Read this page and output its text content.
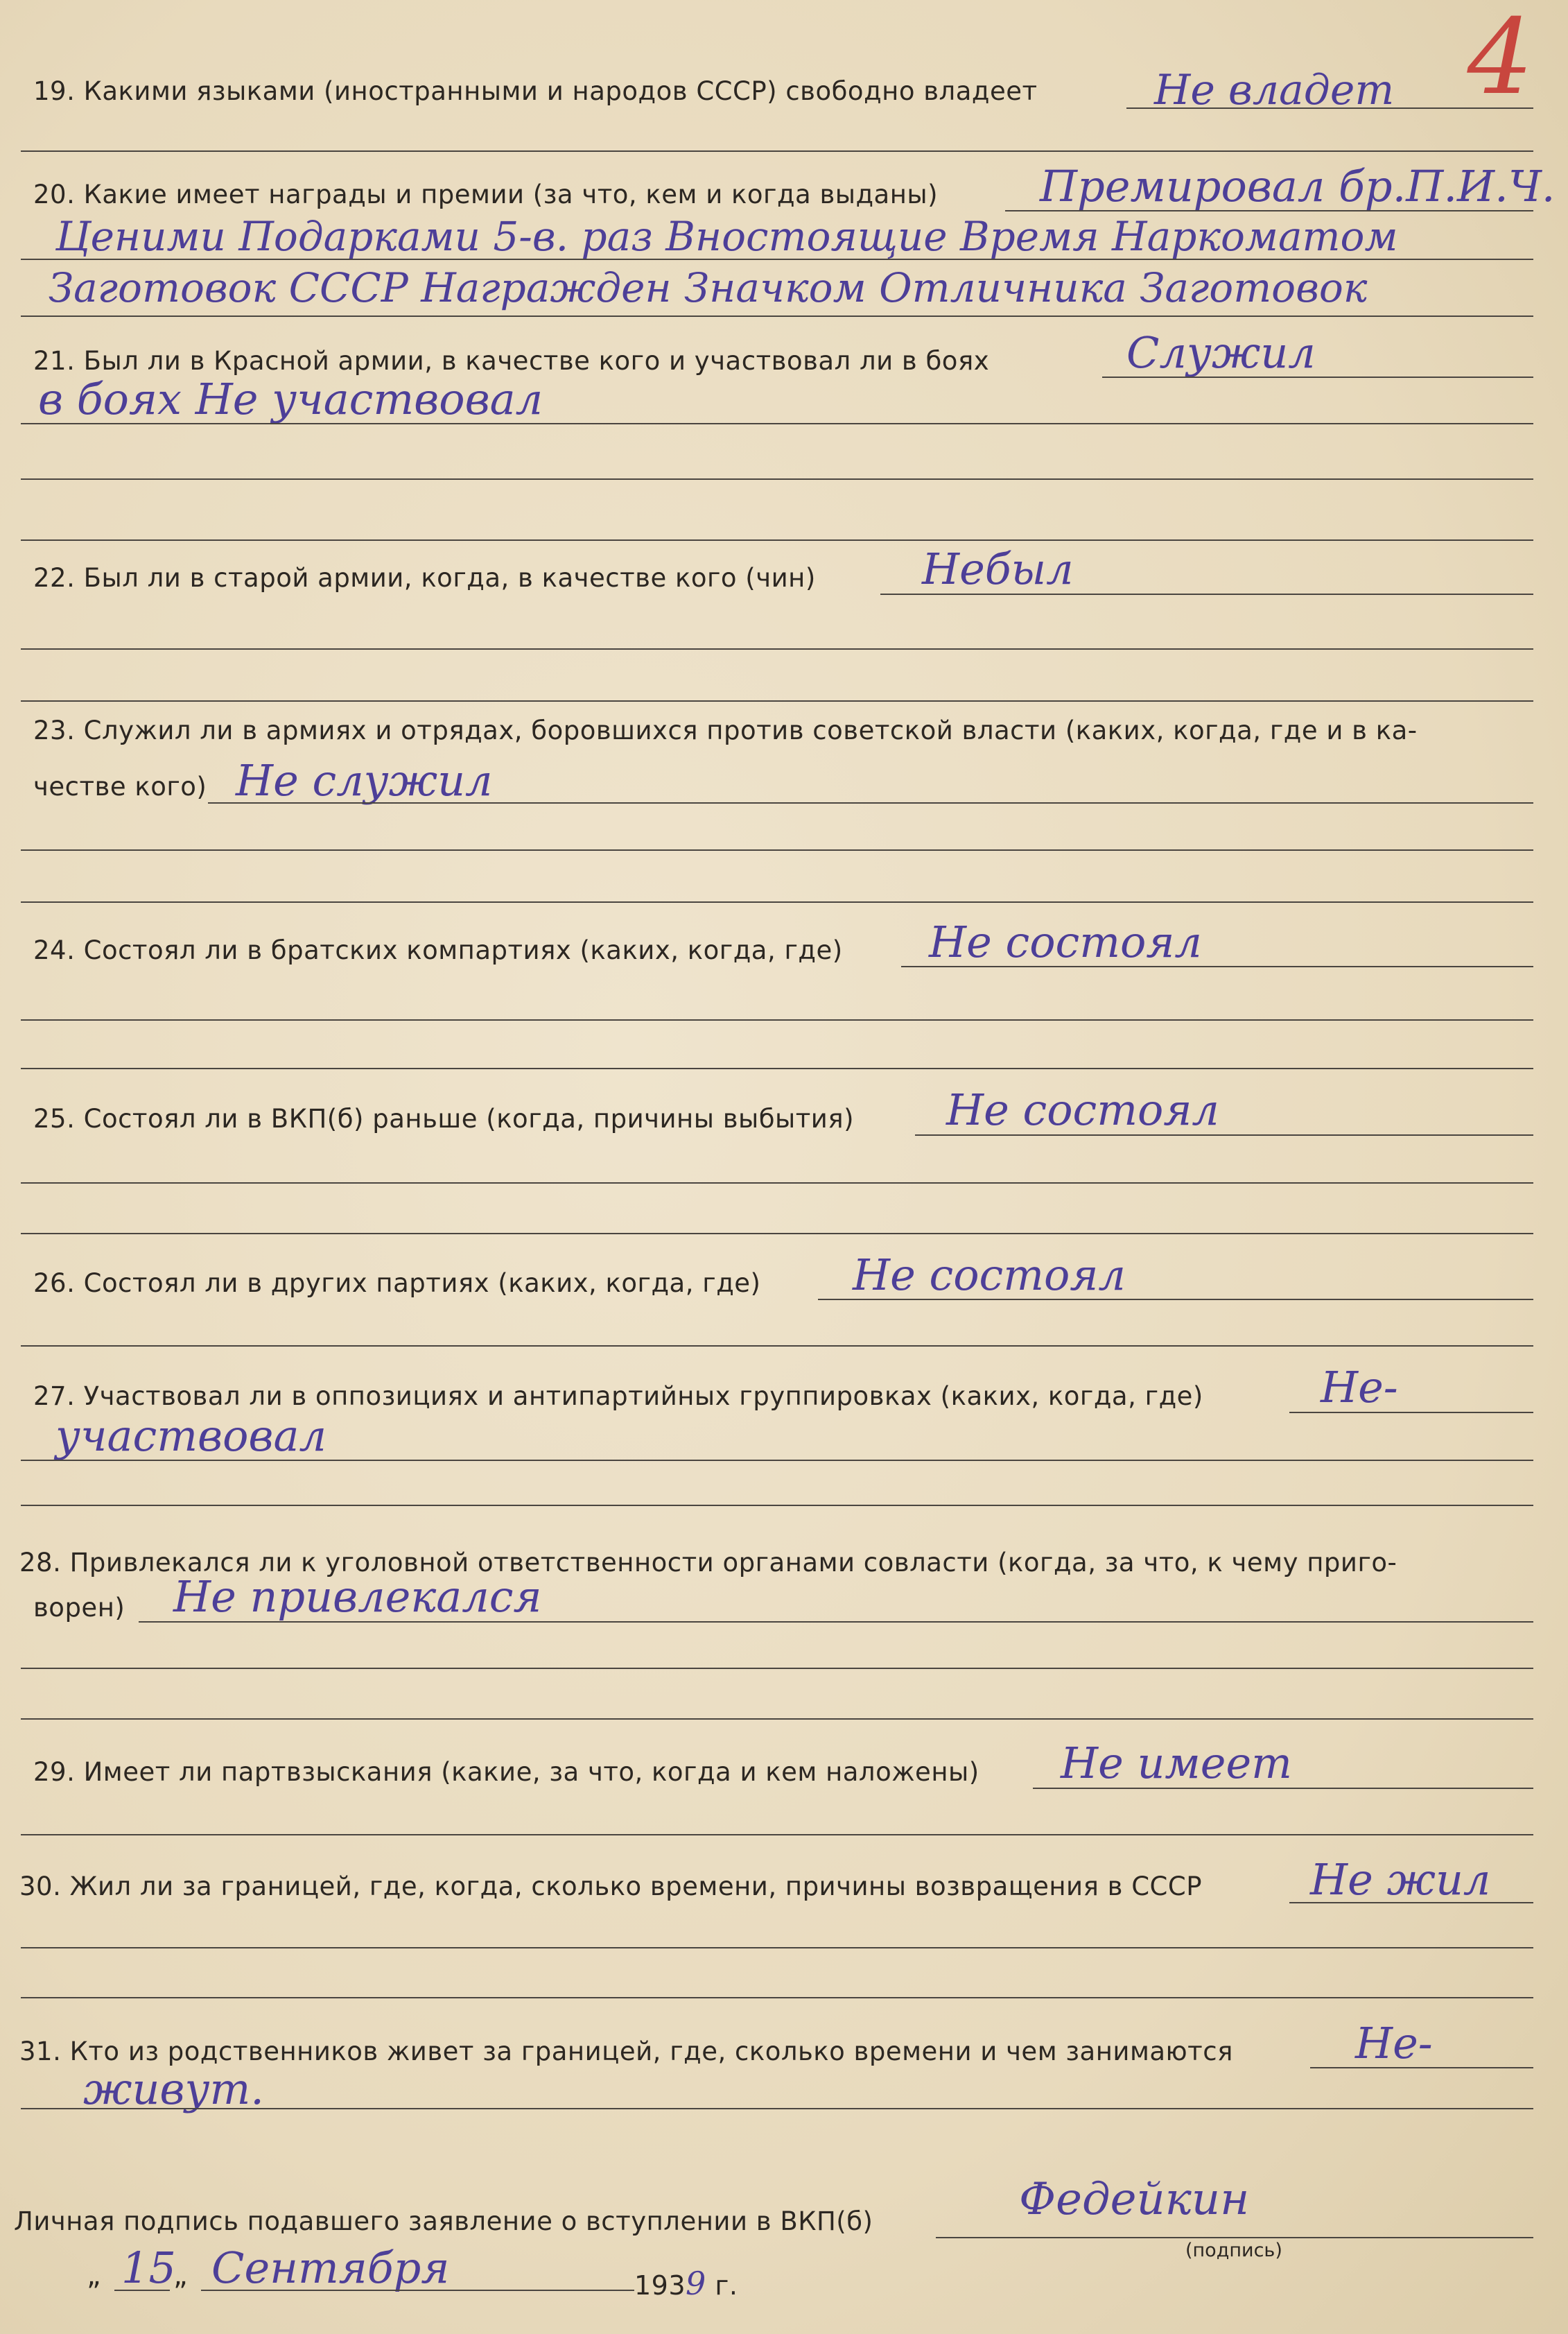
4
19. Какими языками (иностранными и народов СССР) свободно владеет	Не владет
20. Какие имеет награды и премии (за что, кем и когда выданы) Премировал бр.П.И.Ч.
Ценими Подарками 5-в. раз Вностоящие Время Наркоматом
Заготовок СССР Награжден Значком Отличника Заготовок
21. Был ли в Красной армии, в качестве кого и участвовал ли в боях	Служил
в боях Не участвовал
22. Был ли в старой армии, когда, в качестве кого (чин) Небыл
23. Служил ли в армиях и отрядах, боровшихся против советской власти (каких, когда, где и в ка-
честве кого) Не служил
24. Состоял ли в братских компартиях (каких, когда, где) Не состоял
25. Состоял ли в ВКП(б) раньше (когда, причины выбытия) Не состоял
26. Состоял ли в других партиях (каких, когда, где) Не состоял
27. Участвовал ли в оппозициях и антипартийных группировках (каких, когда, где)	Не-
участвовал
28. Привлекался ли к уголовной ответственности органами совласти (когда, за что, к чему приго-
ворен) Не привлекался
29. Имеет ли партвзыскания (какие, за что, когда и кем наложены) Не имеет
30. Жил ли за границей, где, когда, сколько времени, причины возвращения в СССР	Не жил
31. Кто из родственников живет за границей, где, сколько времени и чем занимаются	Не-
живут.
Личная подпись подавшего заявление о вступлении в ВКП(б)	Федейкин
(подпись)
„ 15
„ Сентября	1939 г.
